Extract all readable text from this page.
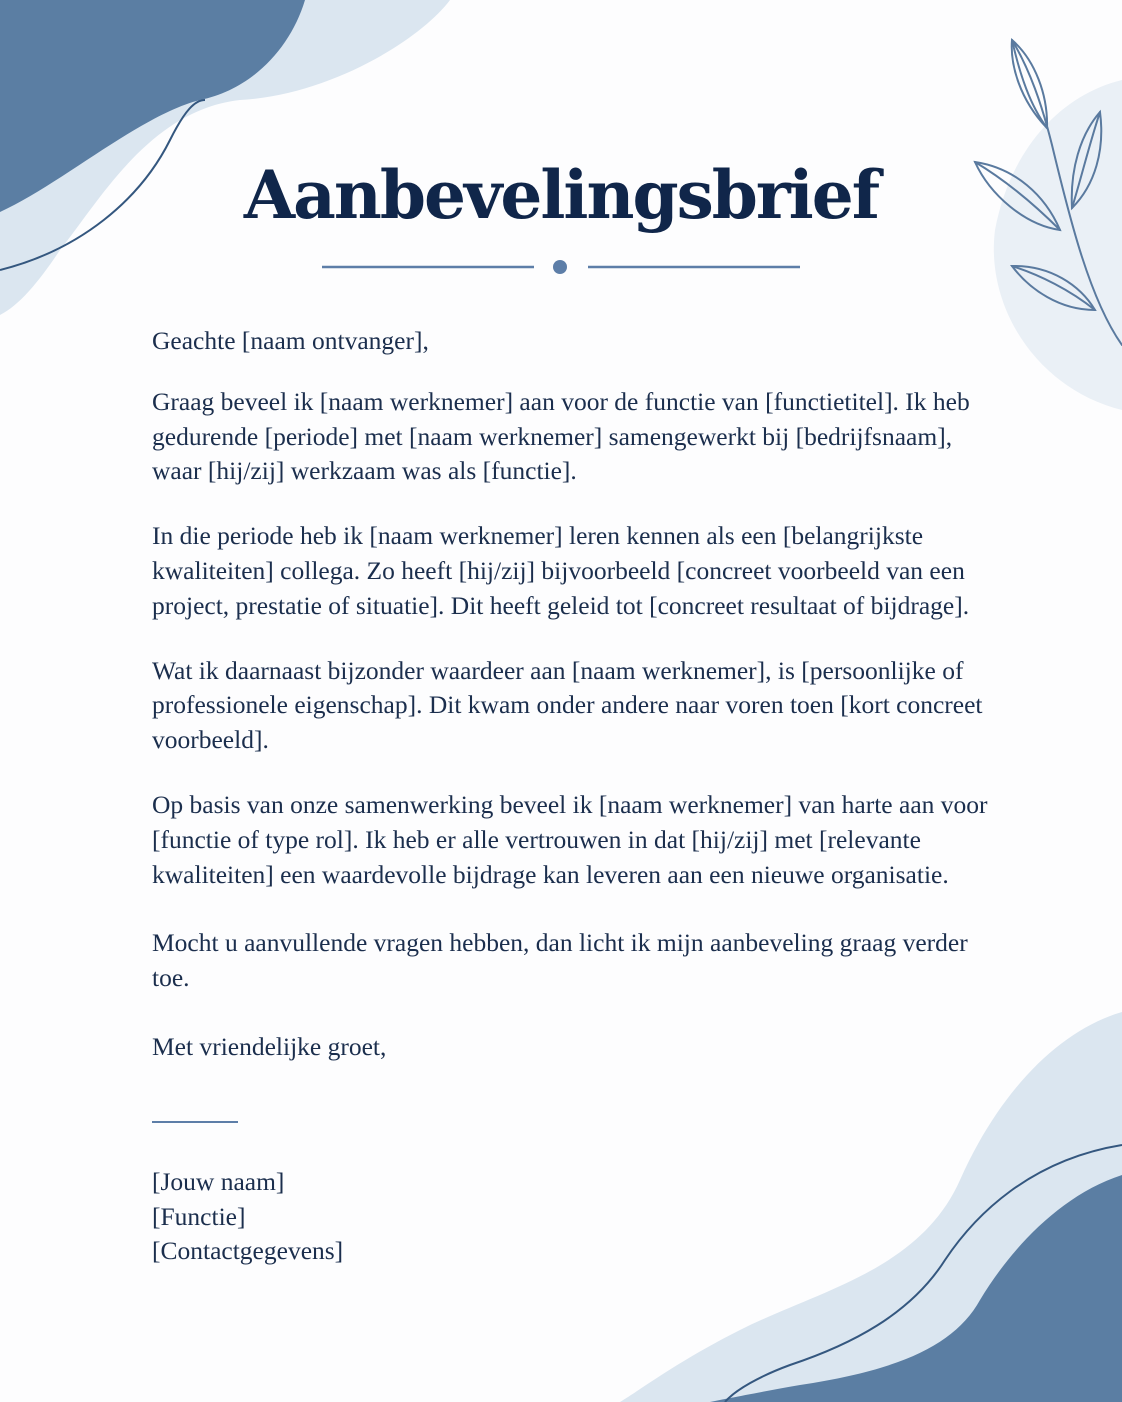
Aanbevelingsbrief

Geachte [naam ontvanger],

Graag beveel ik [naam werknemer] aan voor de functie van [functietitel]. Ik heb gedurende [periode] met [naam werknemer] samengewerkt bij [bedrijfsnaam], waar [hij/zij] werkzaam was als [functie].

In die periode heb ik [naam werknemer] leren kennen als een [belangrijkste kwaliteiten] collega. Zo heeft [hij/zij] bijvoorbeeld [concreet voorbeeld van een project, prestatie of situatie]. Dit heeft geleid tot [concreet resultaat of bijdrage].

Wat ik daarnaast bijzonder waardeer aan [naam werknemer], is [persoonlijke of professionele eigenschap]. Dit kwam onder andere naar voren toen [kort concreet voorbeeld].

Op basis van onze samenwerking beveel ik [naam werknemer] van harte aan voor [functie of type rol]. Ik heb er alle vertrouwen in dat [hij/zij] met [relevante kwaliteiten] een waardevolle bijdrage kan leveren aan een nieuwe organisatie.

Mocht u aanvullende vragen hebben, dan licht ik mijn aanbeveling graag verder toe.

Met vriendelijke groet,

[Jouw naam]
[Functie]
[Contactgegevens]
